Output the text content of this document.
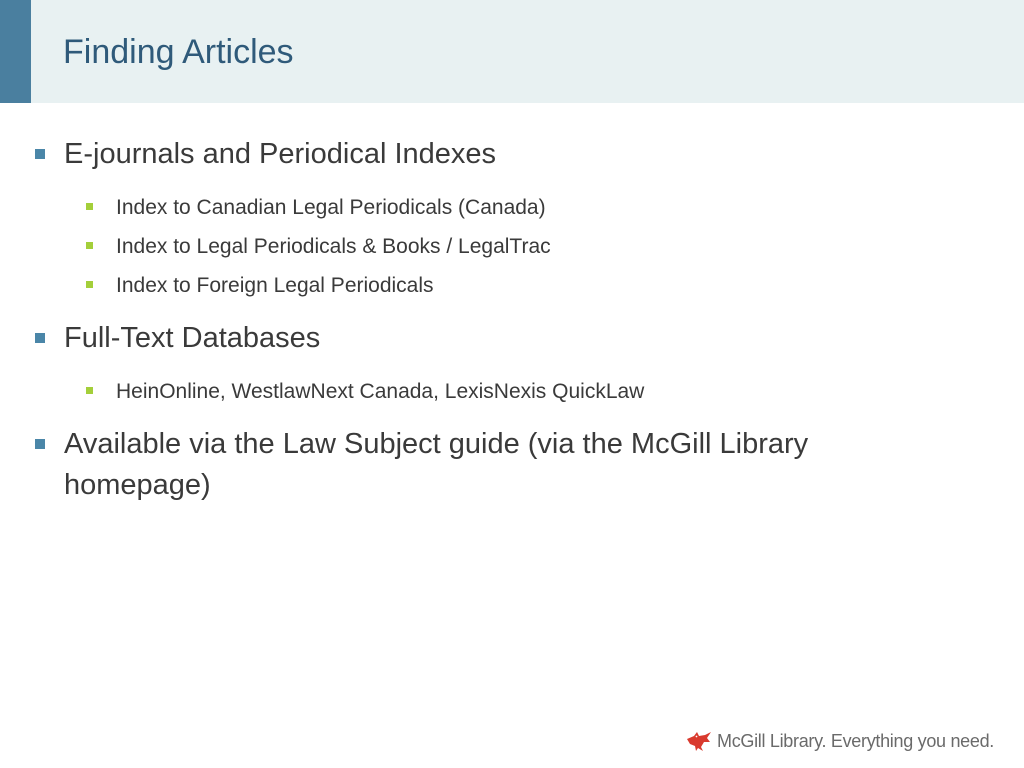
Finding Articles
E-journals and Periodical Indexes
Index to Canadian Legal Periodicals (Canada)
Index to Legal Periodicals & Books / LegalTrac
Index to Foreign Legal Periodicals
Full-Text Databases
HeinOnline, WestlawNext Canada, LexisNexis QuickLaw
Available via the Law Subject guide (via the McGill Library homepage)
McGill Library. Everything you need.
